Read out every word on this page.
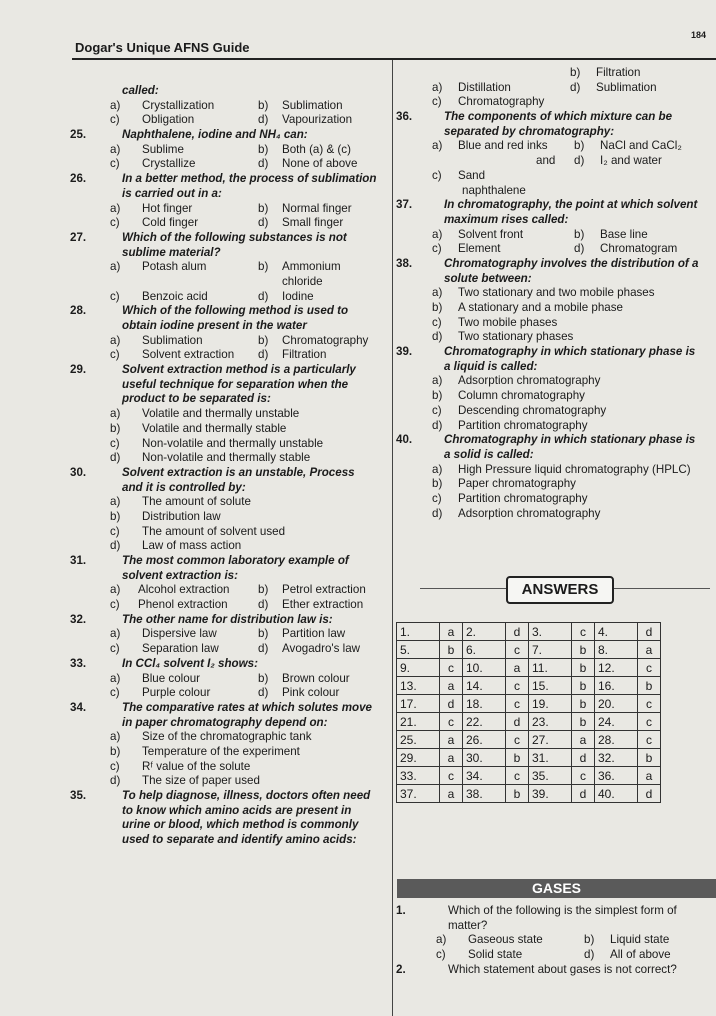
Dogar's Unique AFNS Guide
184
called:
a) Crystallization	b) Sublimation
c) Obligation	d) Vapourization
25.	Naphthalene, iodine and NH₄ can:
a) Sublime	b) Both (a) & (c)
c) Crystallize	d) None of above
26.	In a better method, the process of sublimation
is carried out in a:
a) Hot finger	b) Normal finger
c) Cold finger	d) Small finger
27.	Which of the following substances is not
sublime material?
a) Potash alum	b) Ammonium
chloride
c) Benzoic acid	d) Iodine
28.	Which of the following method is used to
obtain iodine present in the water
a) Sublimation	b) Chromatography
c) Solvent extraction d) Filtration
29.	Solvent extraction method is a particularly
useful technique for separation when the
product to be separated is:
a) Volatile and thermally unstable
b) Volatile and thermally stable
c) Non-volatile and thermally unstable
d) Non-volatile and thermally stable
30.	Solvent extraction is an unstable, Process
and it is controlled by:
a) The amount of solute
b) Distribution law
c) The amount of solvent used
d) Law of mass action
31.	The most common laboratory example of
solvent extraction is:
a) Alcohol extraction b) Petrol extraction
c) Phenol extraction	d) Ether extraction
32.	The other name for distribution law is:
a) Dispersive law	b) Partition law
c) Separation law	d) Avogadro's law
33.	In CCl₄ solvent I₂ shows:
a) Blue colour	b) Brown colour
c) Purple colour	d) Pink colour
34.	The comparative rates at which solutes move
in paper chromatography depend on:
a) Size of the chromatographic tank
b) Temperature of the experiment
c) Rᶠ value of the solute
d) The size of paper used
35.	To help diagnose, illness, doctors often need
to know which amino acids are present in
urine or blood, which method is commonly
used to separate and identify amino acids:
b) Filtration
a) Distillation	d) Sublimation
c) Chromatography
36.	The components of which mixture can be
separated by chromatography:
a) Blue and red inks b) NaCl and CaCl₂
and d) I₂ and water
c) Sand
naphthalene
37.	In chromatography, the point at which solvent
maximum rises called:
a) Solvent front	b) Base line
c) Element	d) Chromatogram
38.	Chromatography involves the distribution of a
solute between:
a) Two stationary and two mobile phases
b) A stationary and a mobile phase
c) Two mobile phases
d) Two stationary phases
39.	Chromatography in which stationary phase is
a liquid is called:
a) Adsorption chromatography
b) Column chromatography
c) Descending chromatography
d) Partition chromatography
40.	Chromatography in which stationary phase is
a solid is called:
a) High Pressure liquid chromatography (HPLC)
b) Paper chromatography
c) Partition chromatography
d) Adsorption chromatography
ANSWERS
1.	a	2.	d	3.	c	4.	d
5.	b	6.	c	7.	b	8.	a
9.	c	10.	a	11.	b	12.	c
13.	a	14.	c	15.	b	16.	b
17.	d	18.	c	19.	b	20.	c
21.	c	22.	d	23.	b	24.	c
25.	a	26.	c	27.	a	28.	c
29.	a	30.	b	31.	d	32.	b
33.	c	34.	c	35.	c	36.	a
37.	a	38.	b	39.	d	40.	d
GASES
1.	Which of the following is the simplest form of
matter?
a) Gaseous state	b) Liquid state
c) Solid state	d) All of above
2.	Which statement about gases is not correct?
